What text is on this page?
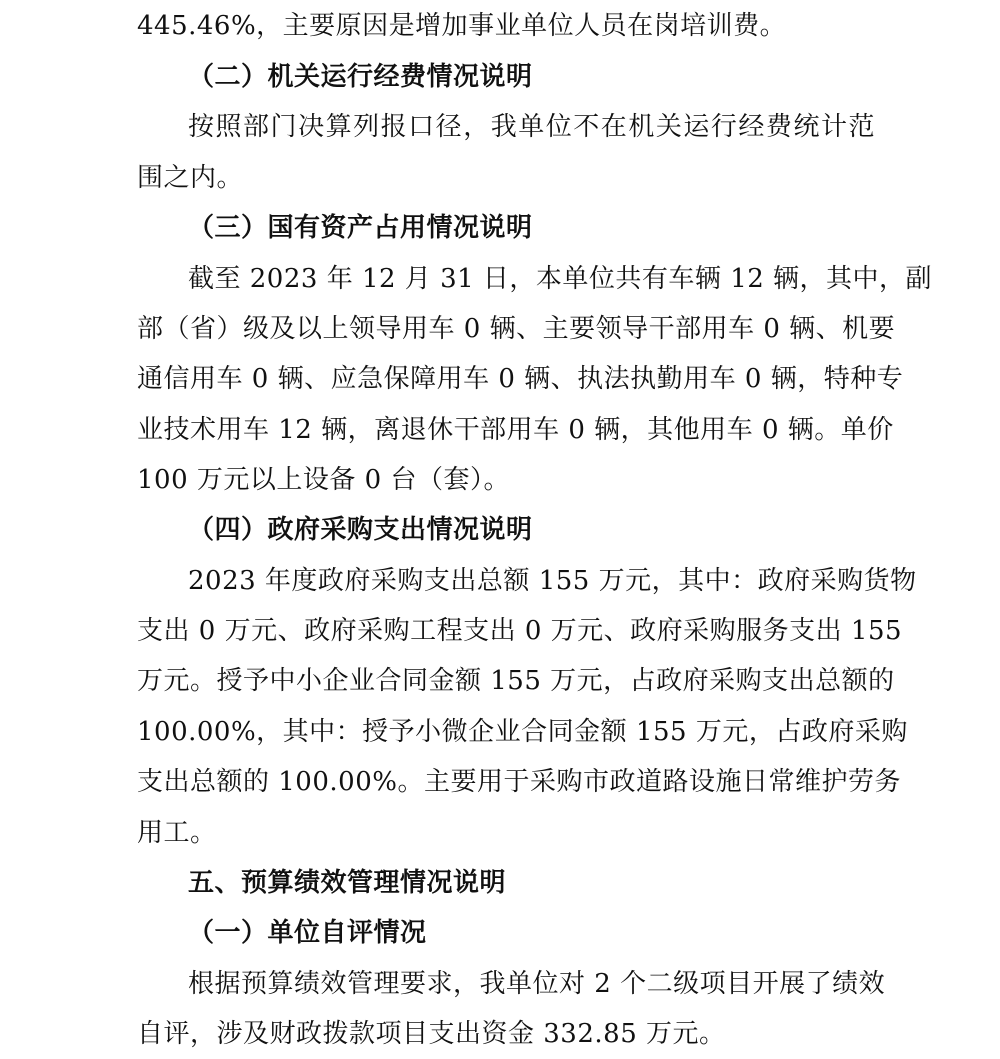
445.46%，主要原因是增加事业单位人员在岗培训费。
（二）机关运行经费情况说明
按照部门决算列报口径，我单位不在机关运行经费统计范
围之内。
（三）国有资产占用情况说明
截至 2023 年 12 月 31 日，本单位共有车辆 12 辆，其中，副
部（省）级及以上领导用车 0 辆、主要领导干部用车 0 辆、机要
通信用车 0 辆、应急保障用车 0 辆、执法执勤用车 0 辆，特种专
业技术用车 12 辆，离退休干部用车 0 辆，其他用车 0 辆。单价
100 万元以上设备 0 台（套）。
（四）政府采购支出情况说明
2023 年度政府采购支出总额 155 万元，其中：政府采购货物
支出 0 万元、政府采购工程支出 0 万元、政府采购服务支出 155
万元。授予中小企业合同金额 155 万元，占政府采购支出总额的
100.00%，其中：授予小微企业合同金额 155 万元，占政府采购
支出总额的 100.00%。主要用于采购市政道路设施日常维护劳务
用工。
五、预算绩效管理情况说明
（一）单位自评情况
根据预算绩效管理要求，我单位对 2 个二级项目开展了绩效
自评，涉及财政拨款项目支出资金 332.85 万元。
